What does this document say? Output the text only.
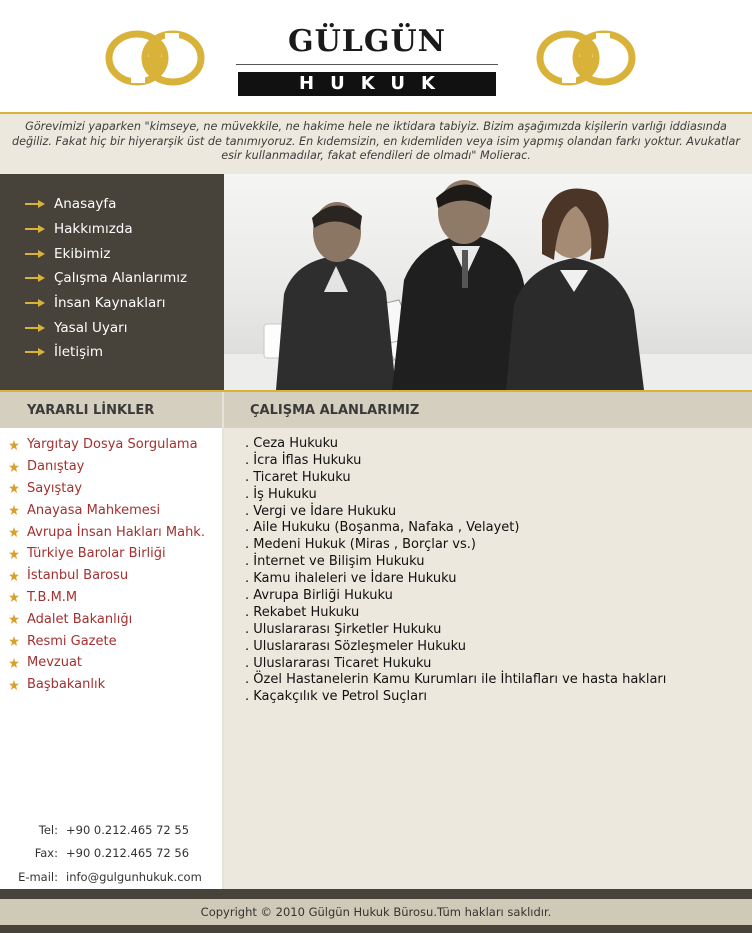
GÜLGÜN
HUKUK
Görevimizi yaparken "kimseye, ne müvekkile, ne hakime hele ne iktidara tabiyiz. Bizim aşağımızda kişilerin varlığı iddiasında değiliz. Fakat hiç bir hiyerarşik üst de tanımıyoruz. En kıdemsizin, en kıdemliden veya isim yapmış olandan farkı yoktur. Avukatlar esir kullanmadılar, fakat efendileri de olmadı" Molierac.
Anasayfa
Hakkımızda
Ekibimiz
Çalışma Alanlarımız
İnsan Kaynakları
Yasal Uyarı
İletişim
YARARLI LİNKLER	ÇALIŞMA ALANLARIMIZ
Yargıtay Dosya Sorgulama
Danıştay
Sayıştay
Anayasa Mahkemesi
Avrupa İnsan Hakları Mahk.
Türkiye Barolar Birliği
İstanbul Barosu
T.B.M.M
Adalet Bakanlığı
Resmi Gazete
Mevzuat
Başbakanlık
Tel: +90 0.212.465 72 55
Fax: +90 0.212.465 72 56
E-mail: info@gulgunhukuk.com
. Ceza Hukuku
. İcra İflas Hukuku
. Ticaret Hukuku
. İş Hukuku
. Vergi ve İdare Hukuku
. Aile Hukuku (Boşanma, Nafaka , Velayet)
. Medeni Hukuk (Miras , Borçlar vs.)
. İnternet ve Bilişim Hukuku
. Kamu ihaleleri ve İdare Hukuku
. Avrupa Birliği Hukuku
. Rekabet Hukuku
. Uluslararası Şirketler Hukuku
. Uluslararası Sözleşmeler Hukuku
. Uluslararası Ticaret Hukuku
. Özel Hastanelerin Kamu Kurumları ile İhtilafları ve hasta hakları
. Kaçakçılık ve Petrol Suçları
Copyright © 2010 Gülgün Hukuk Bürosu.Tüm hakları saklıdır.
